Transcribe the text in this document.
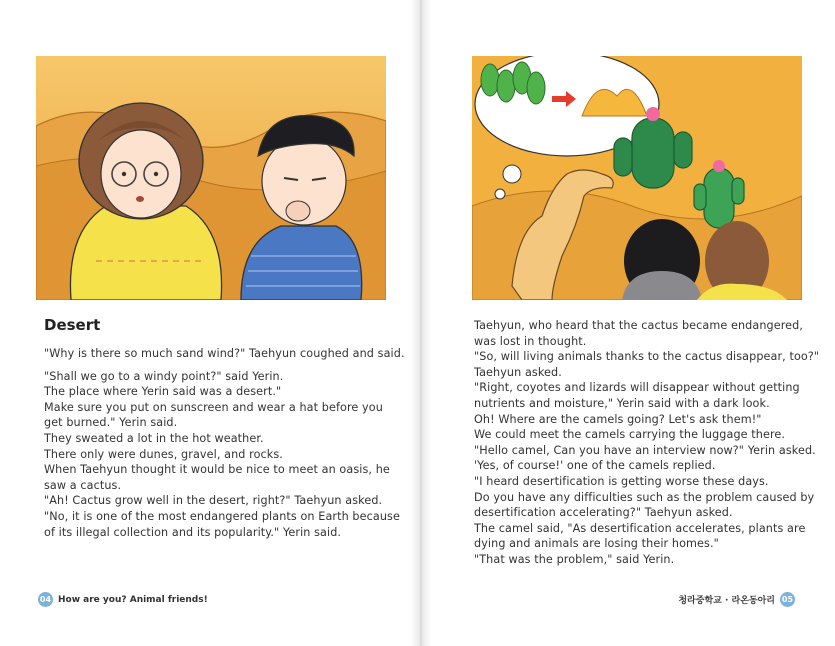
Desert

"Why is there so much sand wind?" Taehyun coughed and said.

"Shall we go to a windy point?" said Yerin.

The place where Yerin said was a desert."

Make sure you put on sunscreen and wear a hat before you

get burned." Yerin said.

They sweated a lot in the hot weather.

There only were dunes, gravel, and rocks.

When Taehyun thought it would be nice to meet an oasis, he

saw a cactus.

"Ah! Cactus grow well in the desert, right?" Taehyun asked.

"No, it is one of the most endangered plants on Earth because

of its illegal collection and its popularity." Yerin said.

Taehyun, who heard that the cactus became endangered,

was lost in thought.

"So, will living animals thanks to the cactus disappear, too?"

Taehyun asked.

"Right, coyotes and lizards will disappear without getting

nutrients and moisture," Yerin said with a dark look.

Oh! Where are the camels going? Let's ask them!"

We could meet the camels carrying the luggage there.

"Hello camel, Can you have an interview now?" Yerin asked.

'Yes, of course!' one of the camels replied.

"I heard desertification is getting worse these days.

Do you have any difficulties such as the problem caused by

desertification accelerating?" Taehyun asked.

The camel said, "As desertification accelerates, plants are

dying and animals are losing their homes."

"That was the problem," said Yerin.

04 How are you? Animal friends!	청라중학교 · 라온동아리 05
